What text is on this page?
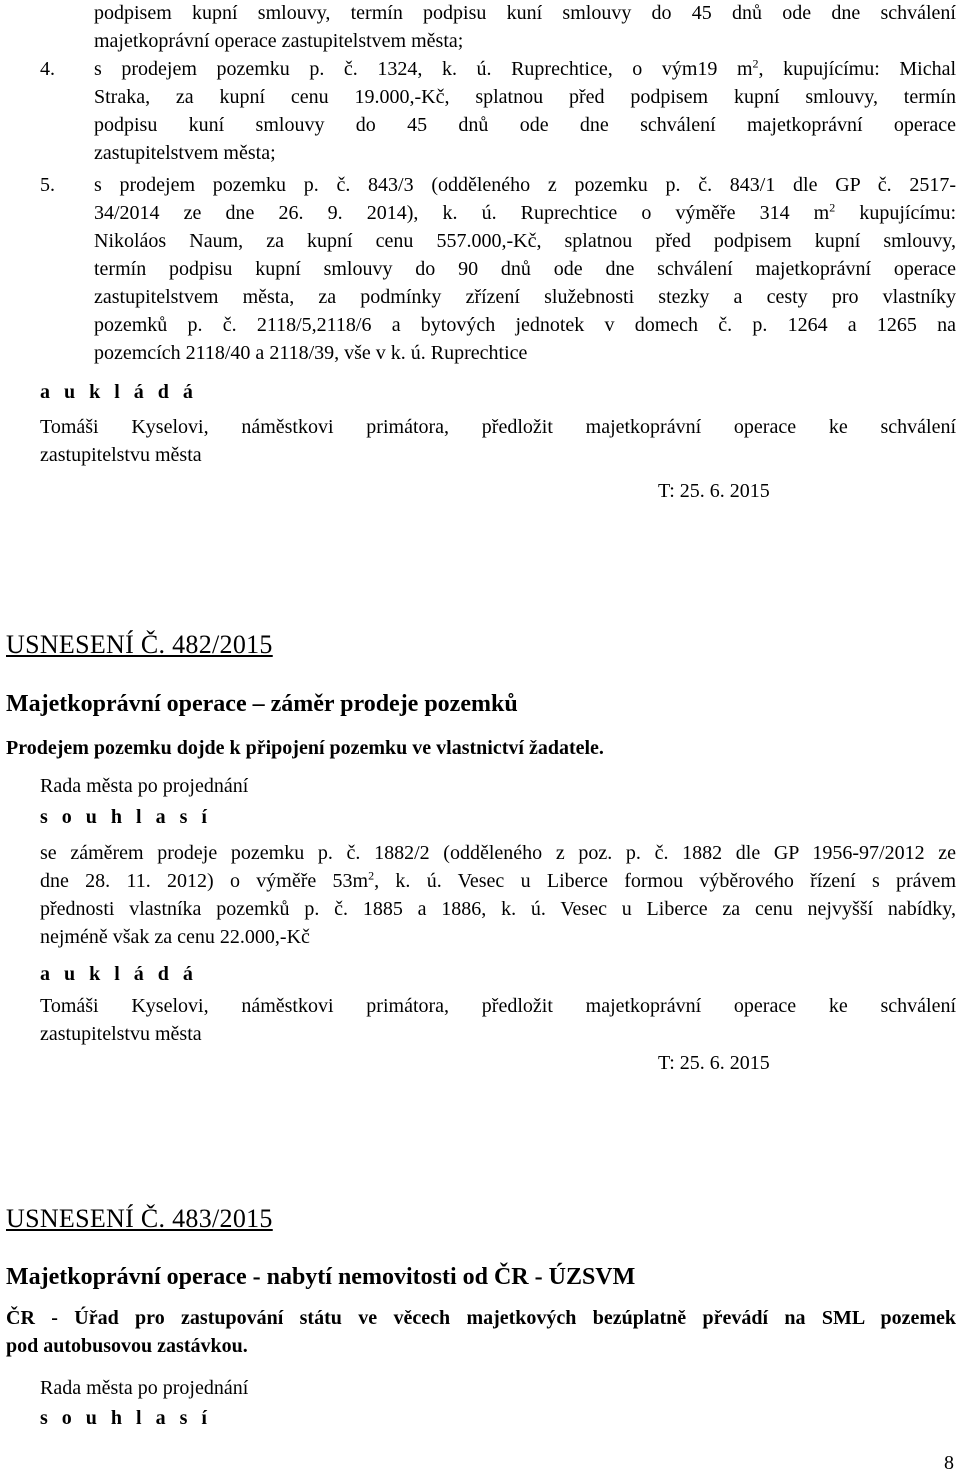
podpisem kupní smlouvy, termín podpisu kuní smlouvy do 45 dnů ode dne schválení
majetkoprávní operace zastupitelstvem města;
4. s prodejem pozemku p. č. 1324, k. ú. Ruprechtice, o vým19 $m^2$, kupujícímu: Michal
Straka, za kupní cenu 19.000,-Kč, splatnou před podpisem kupní smlouvy, termín
podpisu kuní smlouvy do 45 dnů ode dne schválení majetkoprávní operace
zastupitelstvem města;
5. s prodejem pozemku p. č. 843/3 (odděleného z pozemku p. č. 843/1 dle GP č. 2517-
34/2014 ze dne 26. 9. 2014), k. ú. Ruprechtice o výměře 314 $m^2$ kupujícímu:
Nikoláos Naum, za kupní cenu 557.000,-Kč, splatnou před podpisem kupní smlouvy,
termín podpisu kupní smlouvy do 90 dnů ode dne schválení majetkoprávní operace
zastupitelstvem města, za podmínky zřízení služebnosti stezky a cesty pro vlastníky
pozemků p. č. 2118/5,2118/6 a bytových jednotek v domech č. p. 1264 a 1265 na
pozemcích 2118/40 a 2118/39, vše v k. ú. Ruprechtice
a u k l á d á
Tomáši Kyselovi, náměstkovi primátora, předložit majetkoprávní operace ke schválení
zastupitelstvu města
T: 25. 6. 2015
USNESENÍ Č. 482/2015
Majetkoprávní operace – záměr prodeje pozemků
Prodejem pozemku dojde k připojení pozemku ve vlastnictví žadatele.
Rada města po projednání
s o u h l a s í
se záměrem prodeje pozemku p. č. 1882/2 (odděleného z poz. p. č. 1882 dle GP 1956-97/2012 ze
dne 28. 11. 2012) o výměře $53m^2$, k. ú. Vesec u Liberce formou výběrového řízení s právem
přednosti vlastníka pozemků p. č. 1885 a 1886, k. ú. Vesec u Liberce za cenu nejvyšší nabídky,
nejméně však za cenu 22.000,-Kč
a u k l á d á
Tomáši Kyselovi, náměstkovi primátora, předložit majetkoprávní operace ke schválení
zastupitelstvu města
T: 25. 6. 2015
USNESENÍ Č. 483/2015
Majetkoprávní operace - nabytí nemovitosti od ČR - ÚZSVM
ČR - Úřad pro zastupování státu ve věcech majetkových bezúplatně převádí na SML pozemek
pod autobusovou zastávkou.
Rada města po projednání
s o u h l a s í
8
